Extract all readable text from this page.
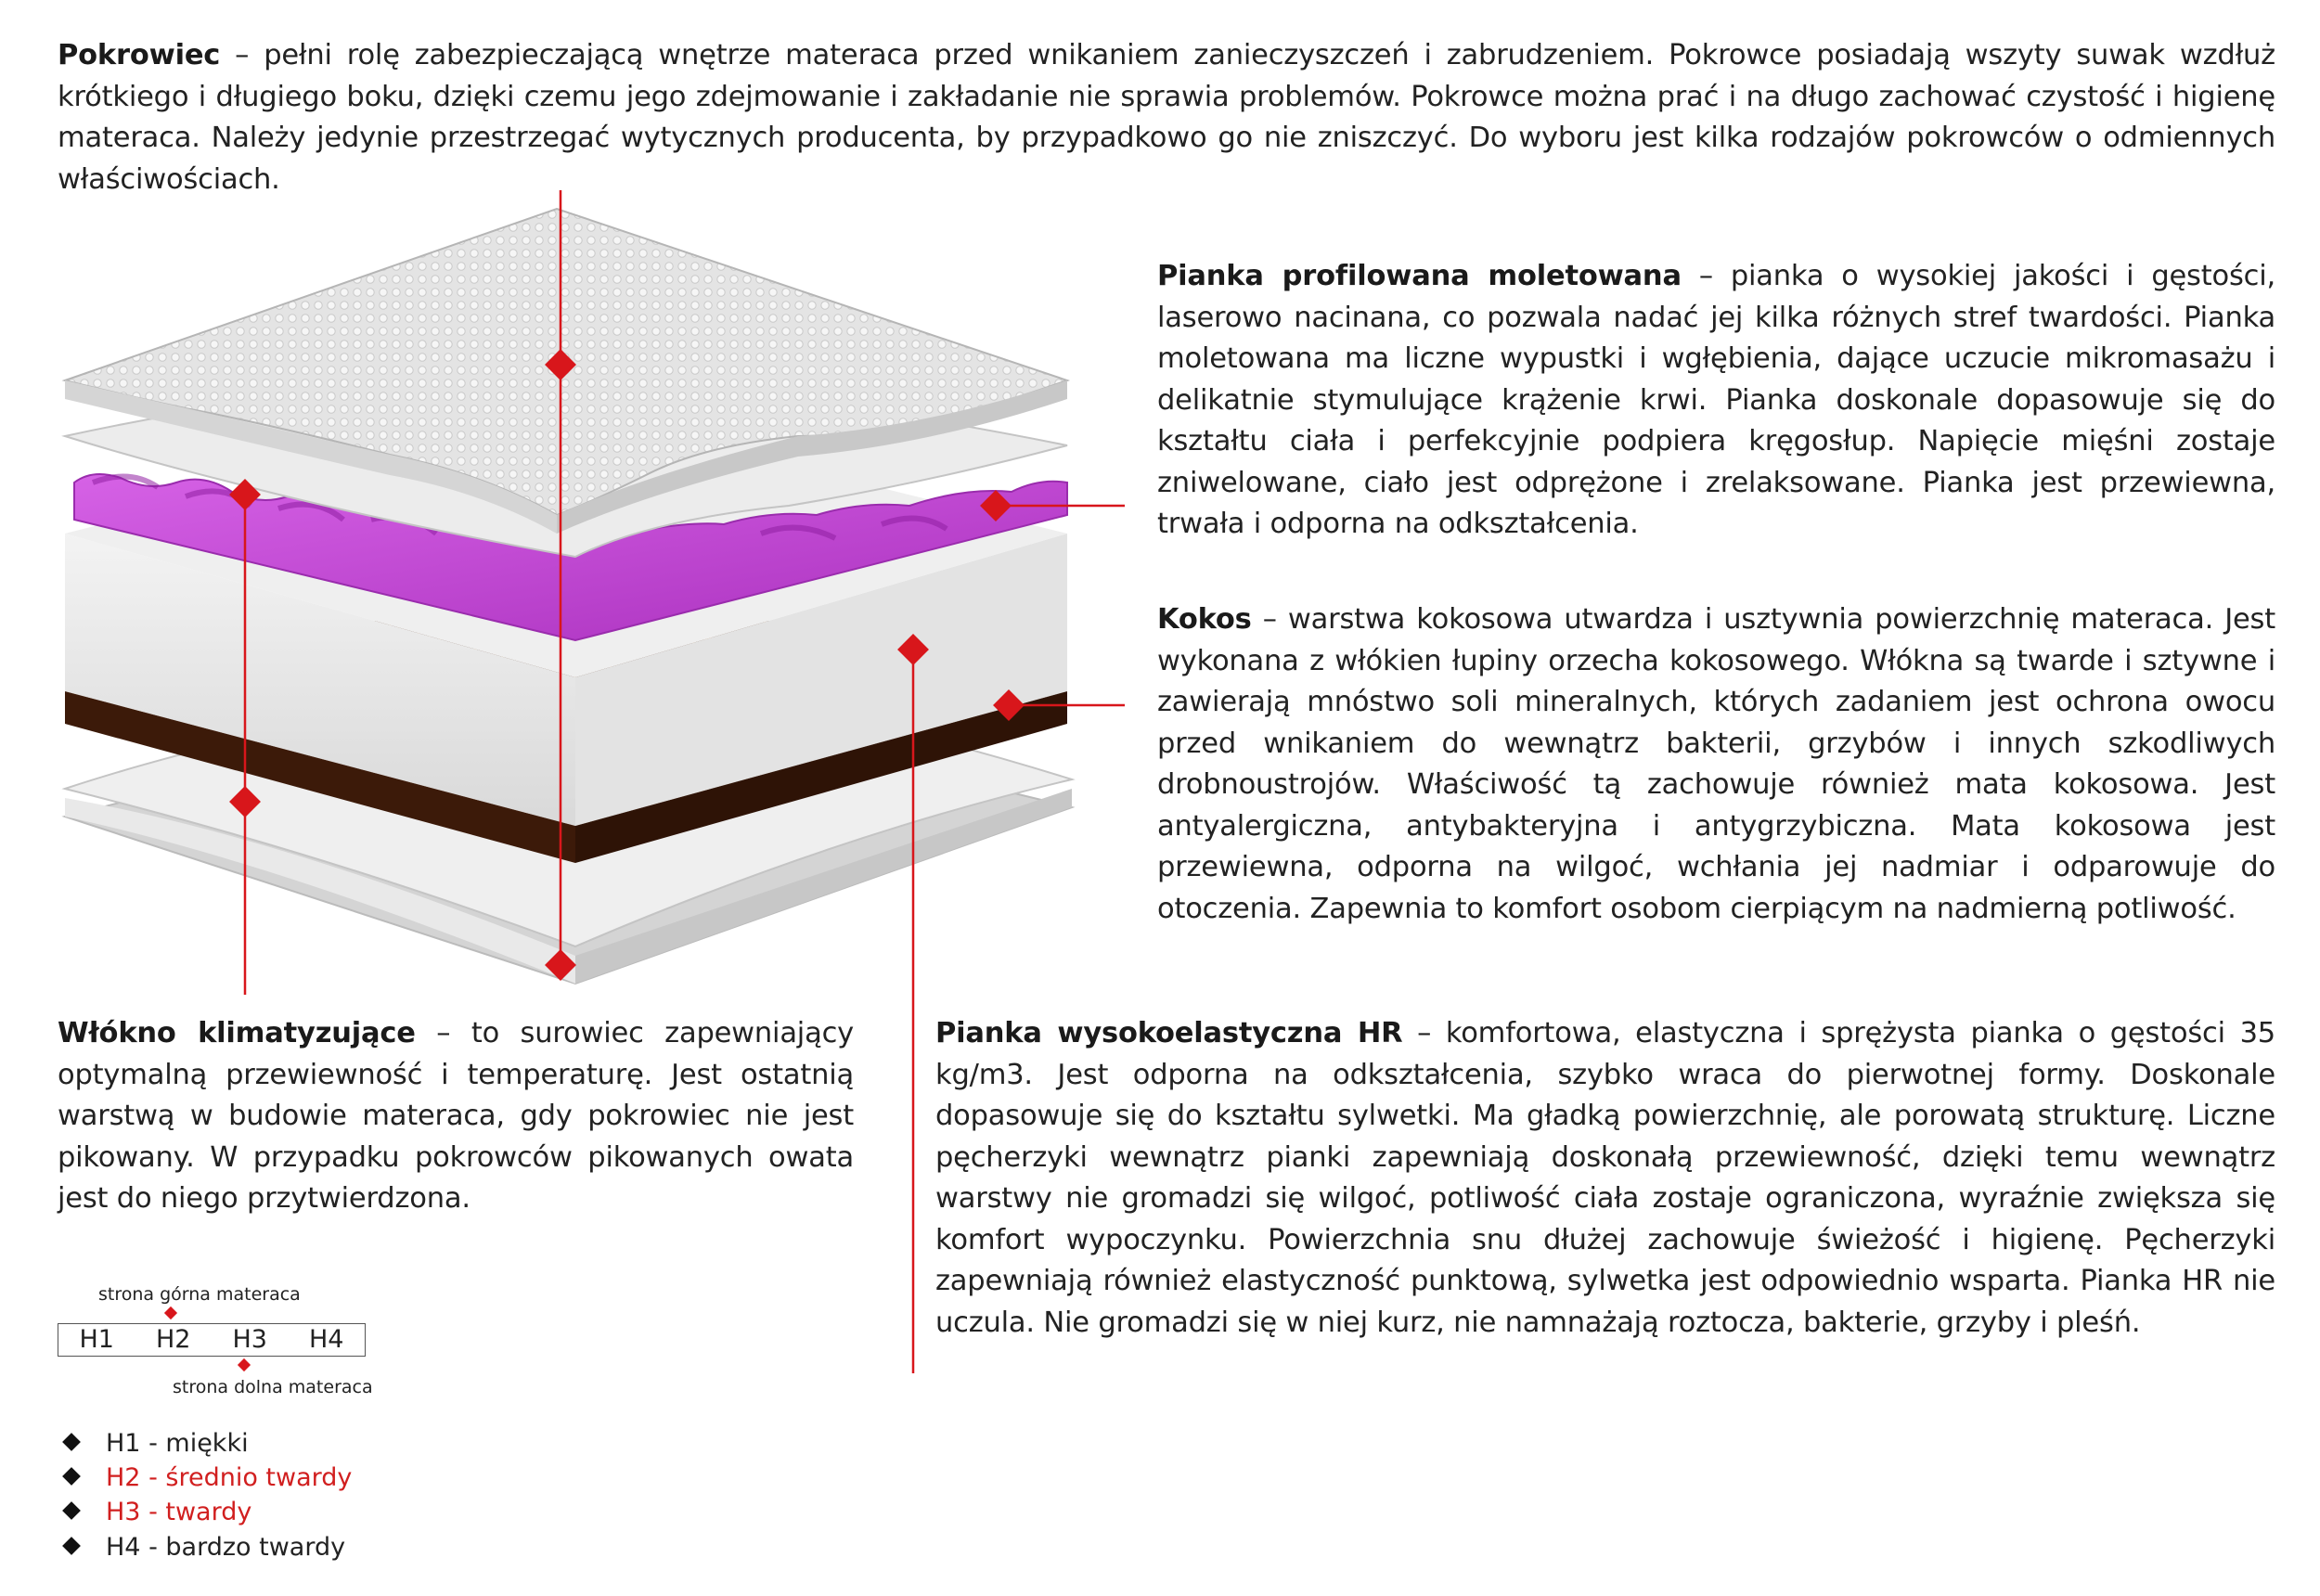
Pokrowiec – pełni rolę zabezpieczającą wnętrze materaca przed wnikaniem zanieczyszczeń i zabrudzeniem. Pokrowce posiadają wszyty suwak wzdłuż krótkiego i długiego boku, dzięki czemu jego zdejmowanie i zakładanie nie sprawia problemów. Pokrowce można prać i na długo zachować czystość i higienę materaca. Należy jedynie przestrzegać wytycznych producenta, by przypadkowo go nie zniszczyć. Do wyboru jest kilka rodzajów pokrowców o odmiennych właściwościach.
Pianka profilowana moletowana – pianka o wysokiej jakości i gęstości, laserowo nacinana, co pozwala nadać jej kilka różnych stref twardości. Pianka moletowana ma liczne wypustki i wgłębienia, dające uczucie mikromasażu i delikatnie stymulujące krążenie krwi. Pianka doskonale dopasowuje się do kształtu ciała i perfekcyjnie podpiera kręgosłup. Napięcie mięśni zostaje zniwelowane, ciało jest odprężone i zrelaksowane. Pianka jest przewiewna, trwała i odporna na odkształcenia.
Kokos – warstwa kokosowa utwardza i usztywnia powierzchnię materaca. Jest wykonana z włókien łupiny orzecha kokosowego. Włókna są twarde i sztywne i zawierają mnóstwo soli mineralnych, których zadaniem jest ochrona owocu przed wnikaniem do wewnątrz bakterii, grzybów i innych szkodliwych drobnoustrojów. Właściwość tą zachowuje również mata kokosowa. Jest antyalergiczna, antybakteryjna i antygrzybiczna. Mata kokosowa jest przewiewna, odporna na wilgoć, wchłania jej nadmiar i odparowuje do otoczenia. Zapewnia to komfort osobom cierpiącym na nadmierną potliwość.
Włókno klimatyzujące – to surowiec zapewniający optymalną przewiewność i temperaturę. Jest ostatnią warstwą w budowie materaca, gdy pokrowiec nie jest pikowany. W przypadku pokrowców pikowanych owata jest do niego przytwierdzona.
Pianka wysokoelastyczna HR – komfortowa, elastyczna i sprężysta pianka o gęstości 35 kg/m3. Jest odporna na odkształcenia, szybko wraca do pierwotnej formy. Doskonale dopasowuje się do kształtu sylwetki. Ma gładką powierzchnię, ale porowatą strukturę. Liczne pęcherzyki wewnątrz pianki zapewniają doskonałą przewiewność, dzięki temu wewnątrz warstwy nie gromadzi się wilgoć, potliwość ciała zostaje ograniczona, wyraźnie zwiększa się komfort wypoczynku. Powierzchnia snu dłużej zachowuje świeżość i higienę. Pęcherzyki zapewniają również elastyczność punktową, sylwetka jest odpowiednio wsparta. Pianka HR nie uczula. Nie gromadzi się w niej kurz, nie namnażają roztocza, bakterie, grzyby i pleśń.
strona górna materaca
H1	H2	H3	H4
strona dolna materaca
H1 - miękki
H2 - średnio twardy
H3 - twardy
H4 - bardzo twardy
